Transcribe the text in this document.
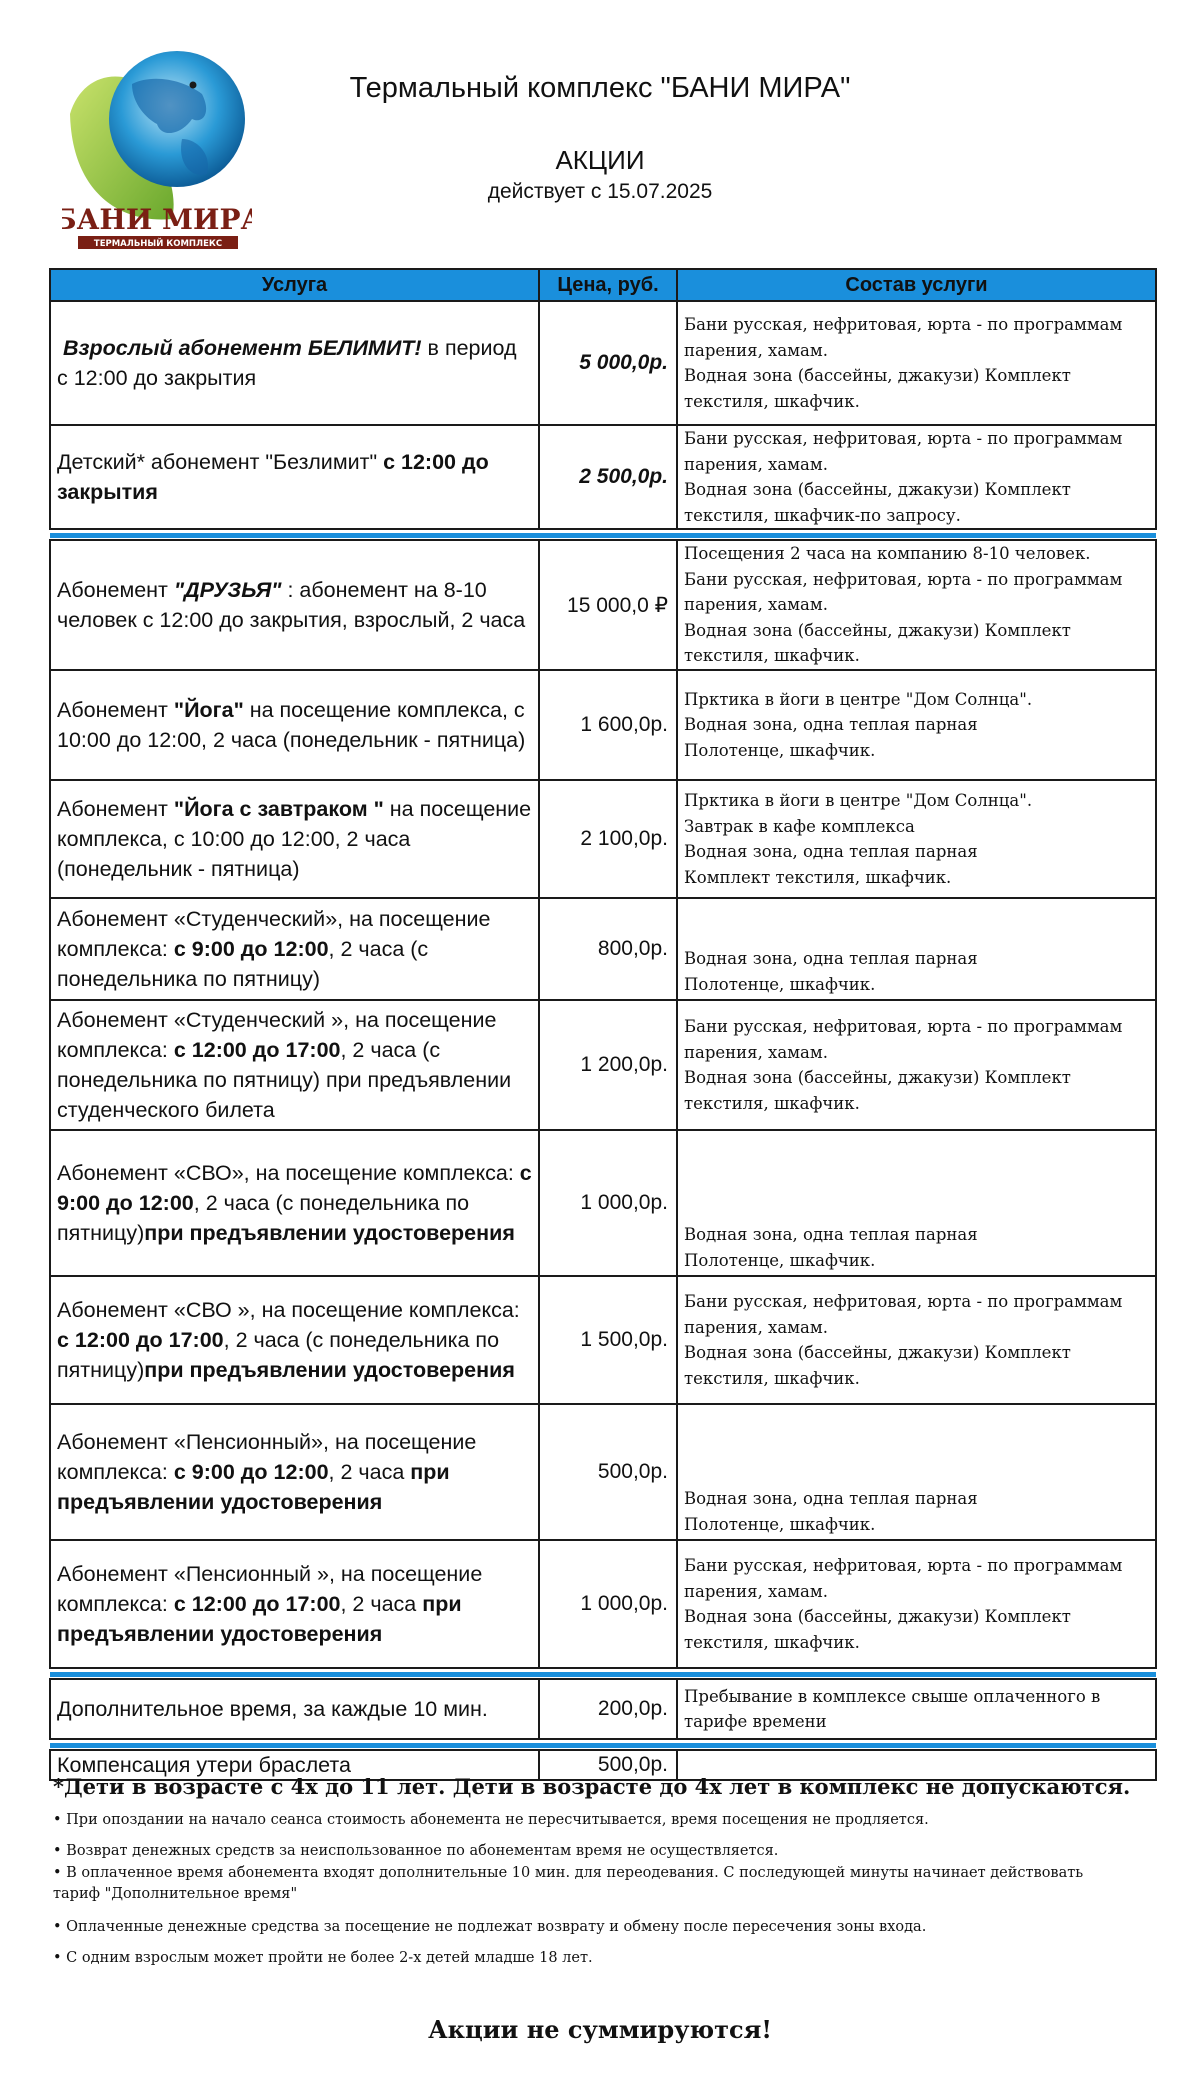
БАНИ МИРА
ТЕРМАЛЬНЫЙ КОМПЛЕКС
Термальный комплекс "БАНИ МИРА"
АКЦИИ
действует с 15.07.2025
Услуга	Цена, руб.	Состав услуги
Взрослый абонемент БЕЛИМИТ! в период с 12:00 до закрытия	5 000,0р.	Бани русская, нефритовая, юрта - по программам парения, хамам.
Водная зона (бассейны, джакузи) Комплект текстиля, шкафчик.

Детский* абонемент "Безлимит" с 12:00 до закрытия	2 500,0р.	Бани русская, нефритовая, юрта - по программам парения, хамам.
Водная зона (бассейны, джакузи) Комплект текстиля, шкафчик-по запросу.

Абонемент "ДРУЗЬЯ" : абонемент на 8-10 человек с 12:00 до закрытия, взрослый, 2 часа	15 000,0 ₽	Посещения 2 часа на компанию 8-10 человек.
Бани русская, нефритовая, юрта - по программам парения, хамам.
Водная зона (бассейны, джакузи) Комплект текстиля, шкафчик.

Абонемент "Йога" на посещение комплекса, с 10:00 до 12:00, 2 часа (понедельник - пятница)	1 600,0р.	Прктика в йоги в центре "Дом Солнца".
Водная зона, одна теплая парная
Полотенце, шкафчик.

Абонемент "Йога с завтраком " на посещение комплекса, с 10:00 до 12:00, 2 часа (понедельник - пятница)	2 100,0р.	Прктика в йоги в центре "Дом Солнца".
Завтрак в кафе комплекса
Водная зона, одна теплая парная
Комплект текстиля, шкафчик.

Абонемент «Студенческий», на посещение комплекса: с 9:00 до 12:00, 2 часа (с понедельника по пятницу)	800,0р.	Водная зона, одна теплая парная
Полотенце, шкафчик.

Абонемент «Студенческий », на посещение комплекса: с 12:00 до 17:00, 2 часа (с понедельника по пятницу) при предъявлении студенческого билета	1 200,0р.	Бани русская, нефритовая, юрта - по программам парения, хамам.
Водная зона (бассейны, джакузи) Комплект текстиля, шкафчик.

Абонемент «СВО», на посещение комплекса: с 9:00 до 12:00, 2 часа (с понедельника по пятницу)при предъявлении удостоверения	1 000,0р.	Водная зона, одна теплая парная
Полотенце, шкафчик.

Абонемент «СВО », на посещение комплекса: с 12:00 до 17:00, 2 часа (с понедельника по пятницу)при предъявлении удостоверения	1 500,0р.	Бани русская, нефритовая, юрта - по программам парения, хамам.
Водная зона (бассейны, джакузи) Комплект текстиля, шкафчик.

Абонемент «Пенсионный», на посещение комплекса: с 9:00 до 12:00, 2 часа при предъявлении удостоверения	500,0р.	Водная зона, одна теплая парная
Полотенце, шкафчик.

Абонемент «Пенсионный », на посещение комплекса: с 12:00 до 17:00, 2 часа при предъявлении удостоверения	1 000,0р.	Бани русская, нефритовая, юрта - по программам парения, хамам.
Водная зона (бассейны, джакузи) Комплект текстиля, шкафчик.

Дополнительное время, за каждые 10 мин.	200,0р.	Пребывание в комплексе свыше оплаченного в тарифе времени

Компенсация утери браслета	500,0р.	
*Дети в возрасте с 4х до 11 лет. Дети в возрасте до 4х лет в комплекс не допускаются.
• При опоздании на начало сеанса стоимость абонемента не пересчитывается, время посещения не продляется.
• Возврат денежных средств за неиспользованное по абонементам время не осуществляется.
• В оплаченное время абонемента входят дополнительные 10 мин. для переодевания. С последующей минуты начинает действовать тариф "Дополнительное время"
• Оплаченные денежные средства за посещение не подлежат возврату и обмену после пересечения зоны входа.
• С одним взрослым может пройти не более 2-х детей младше 18 лет.
Акции не суммируются!
